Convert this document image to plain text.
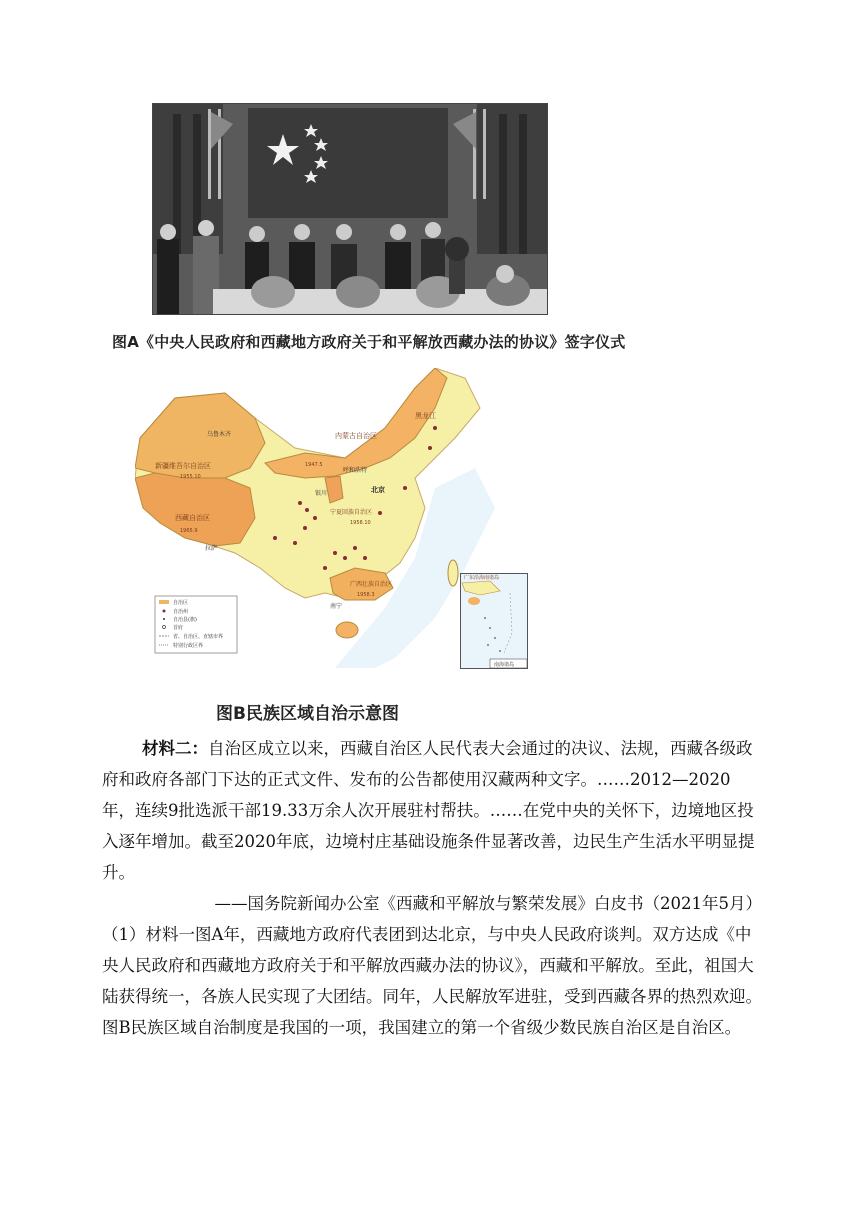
图A《中央人民政府和西藏地方政府关于和平解放西藏办法的协议》签字仪式
自治区
自治州
自治县(旗)
首府
省、自治区、直辖市界
特别行政区界
黑龙江
乌鲁木齐
新疆维吾尔自治区
1955.10
内蒙古自治区
1947.5
呼和浩特
北京
银川
宁夏回族自治区
1958.10
西藏自治区
1965.9
拉萨
广西壮族自治区
1958.3
南宁
广东沿海南诸岛
南海诸岛
图B民族区域自治示意图

材料二：自治区成立以来，西藏自治区人民代表大会通过的决议、法规，西藏各级政府和政府各部门下达的正式文件、发布的公告都使用汉藏两种文字。……2012—2020年，连续9批选派干部19.33万余人次开展驻村帮扶。……在党中央的关怀下，边境地区投入逐年增加。截至2020年底，边境村庄基础设施条件显著改善，边民生产生活水平明显提升。

——国务院新闻办公室《西藏和平解放与繁荣发展》白皮书（2021年5月）

（1）材料一图A年，西藏地方政府代表团到达北京，与中央人民政府谈判。双方达成《中央人民政府和西藏地方政府关于和平解放西藏办法的协议》，西藏和平解放。至此，祖国大陆获得统一，各族人民实现了大团结。同年，人民解放军进驻，受到西藏各界的热烈欢迎。图B民族区域自治制度是我国的一项，我国建立的第一个省级少数民族自治区是自治区。
